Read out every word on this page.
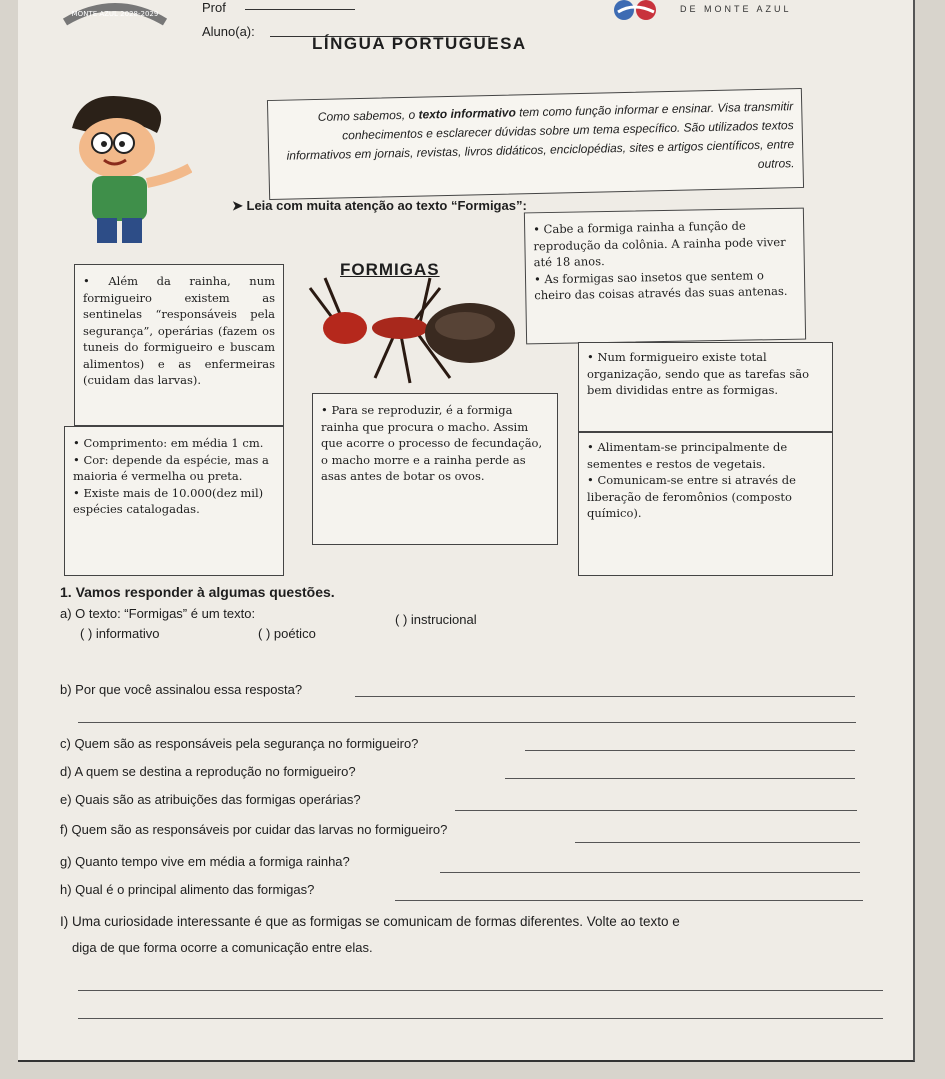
MONTE AZUL 2028-2029	Prof
Aluno(a):
DE MONTE AZUL
LÍNGUA PORTUGUESA
Como sabemos, o texto informativo tem como função informar e ensinar. Visa transmitir conhecimentos e esclarecer dúvidas sobre um tema específico. São utilizados textos informativos em jornais, revistas, livros didáticos, enciclopédias, sites e artigos científicos, entre outros.
➤ Leia com muita atenção ao texto “Formigas”:
• Além da rainha, num formigueiro existem as sentinelas “responsáveis pela segurança”, operárias (fazem os tuneis do formigueiro e buscam alimentos) e as enfermeiras (cuidam das larvas).
• Comprimento: em média 1 cm.
• Cor: depende da espécie, mas a maioria é vermelha ou preta.
• Existe mais de 10.000(dez mil) espécies catalogadas.
• Cabe a formiga rainha a função de reprodução da colônia. A rainha pode viver até 18 anos.
• As formigas sao insetos que sentem o cheiro das coisas através das suas antenas.
• Num formigueiro existe total organização, sendo que as tarefas são bem divididas entre as formigas.
• Alimentam-se principalmente de sementes e restos de vegetais.
• Comunicam-se entre si através de liberação de feromônios (composto químico).
• Para se reproduzir, é a formiga rainha que procura o macho. Assim que acorre o processo de fecundação, o macho morre e a rainha perde as asas antes de botar os ovos.
FORMIGAS
1. Vamos responder à algumas questões.
a) O texto: “Formigas” é um texto:
( ) informativo	( ) poético
( ) instrucional
b) Por que você assinalou essa resposta?
c) Quem são as responsáveis pela segurança no formigueiro?
d) A quem se destina a reprodução no formigueiro?
e) Quais são as atribuições das formigas operárias?
f) Quem são as responsáveis por cuidar das larvas no formigueiro?
g) Quanto tempo vive em média a formiga rainha?
h) Qual é o principal alimento das formigas?
I) Uma curiosidade interessante é que as formigas se comunicam de formas diferentes. Volte ao texto e
diga de que forma ocorre a comunicação entre elas.
